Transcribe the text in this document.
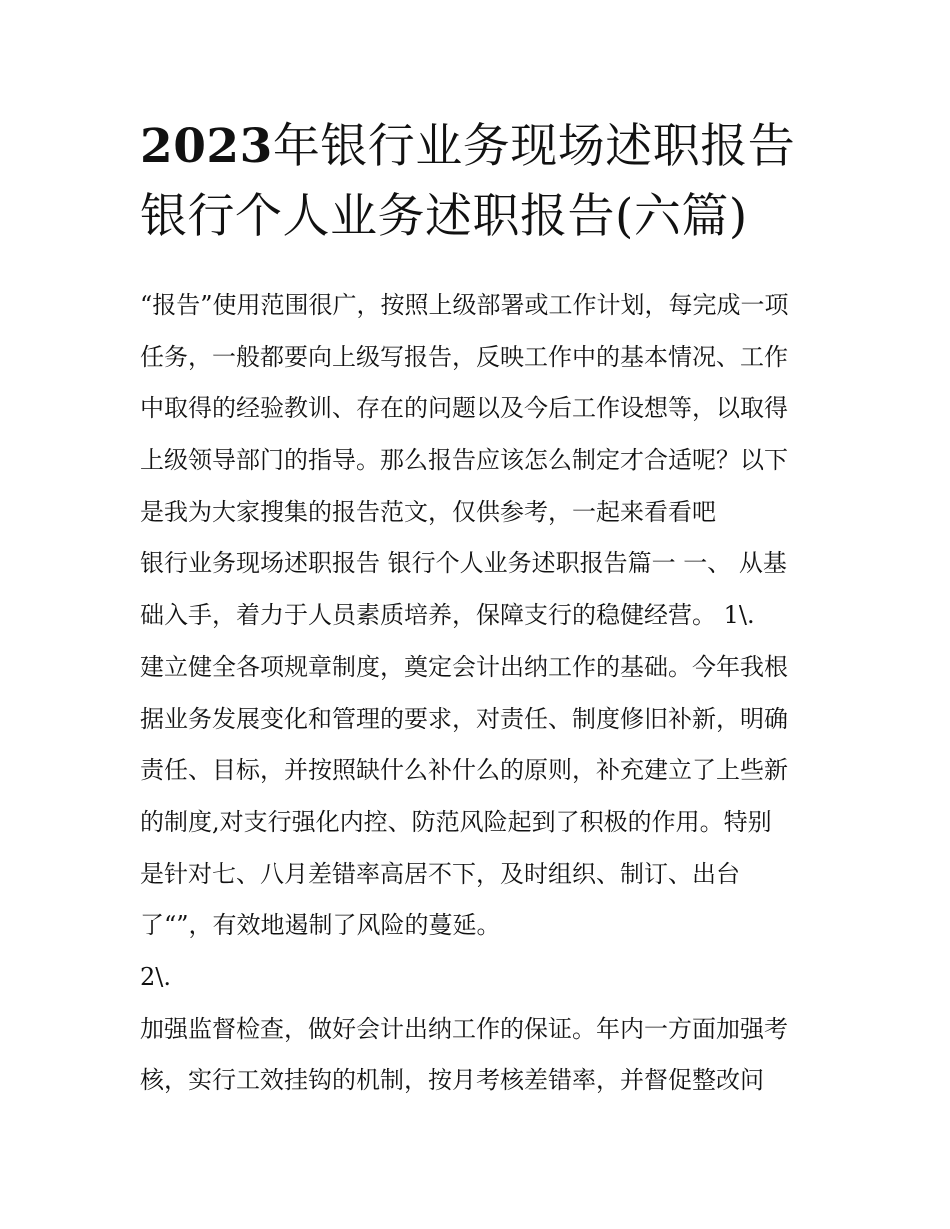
2023年银行业务现场述职报告
银行个人业务述职报告(六篇)
“报告”使用范围很广，按照上级部署或工作计划，每完成一项
任务，一般都要向上级写报告，反映工作中的基本情况、工作
中取得的经验教训、存在的问题以及今后工作设想等，以取得
上级领导部门的指导。那么报告应该怎么制定才合适呢？以下
是我为大家搜集的报告范文，仅供参考，一起来看看吧
银行业务现场述职报告 银行个人业务述职报告篇一 一、 从基
础入手，着力于人员素质培养，保障支行的稳健经营。 1\.
建立健全各项规章制度，奠定会计出纳工作的基础。今年我根
据业务发展变化和管理的要求，对责任、制度修旧补新，明确
责任、目标，并按照缺什么补什么的原则，补充建立了上些新
的制度,对支行强化内控、防范风险起到了积极的作用。特别
是针对七、八月差错率高居不下，及时组织、制订、出台
了“”，有效地遏制了风险的蔓延。
2\.
加强监督检查，做好会计出纳工作的保证。年内一方面加强考
核，实行工效挂钩的机制，按月考核差错率，并督促整改问
